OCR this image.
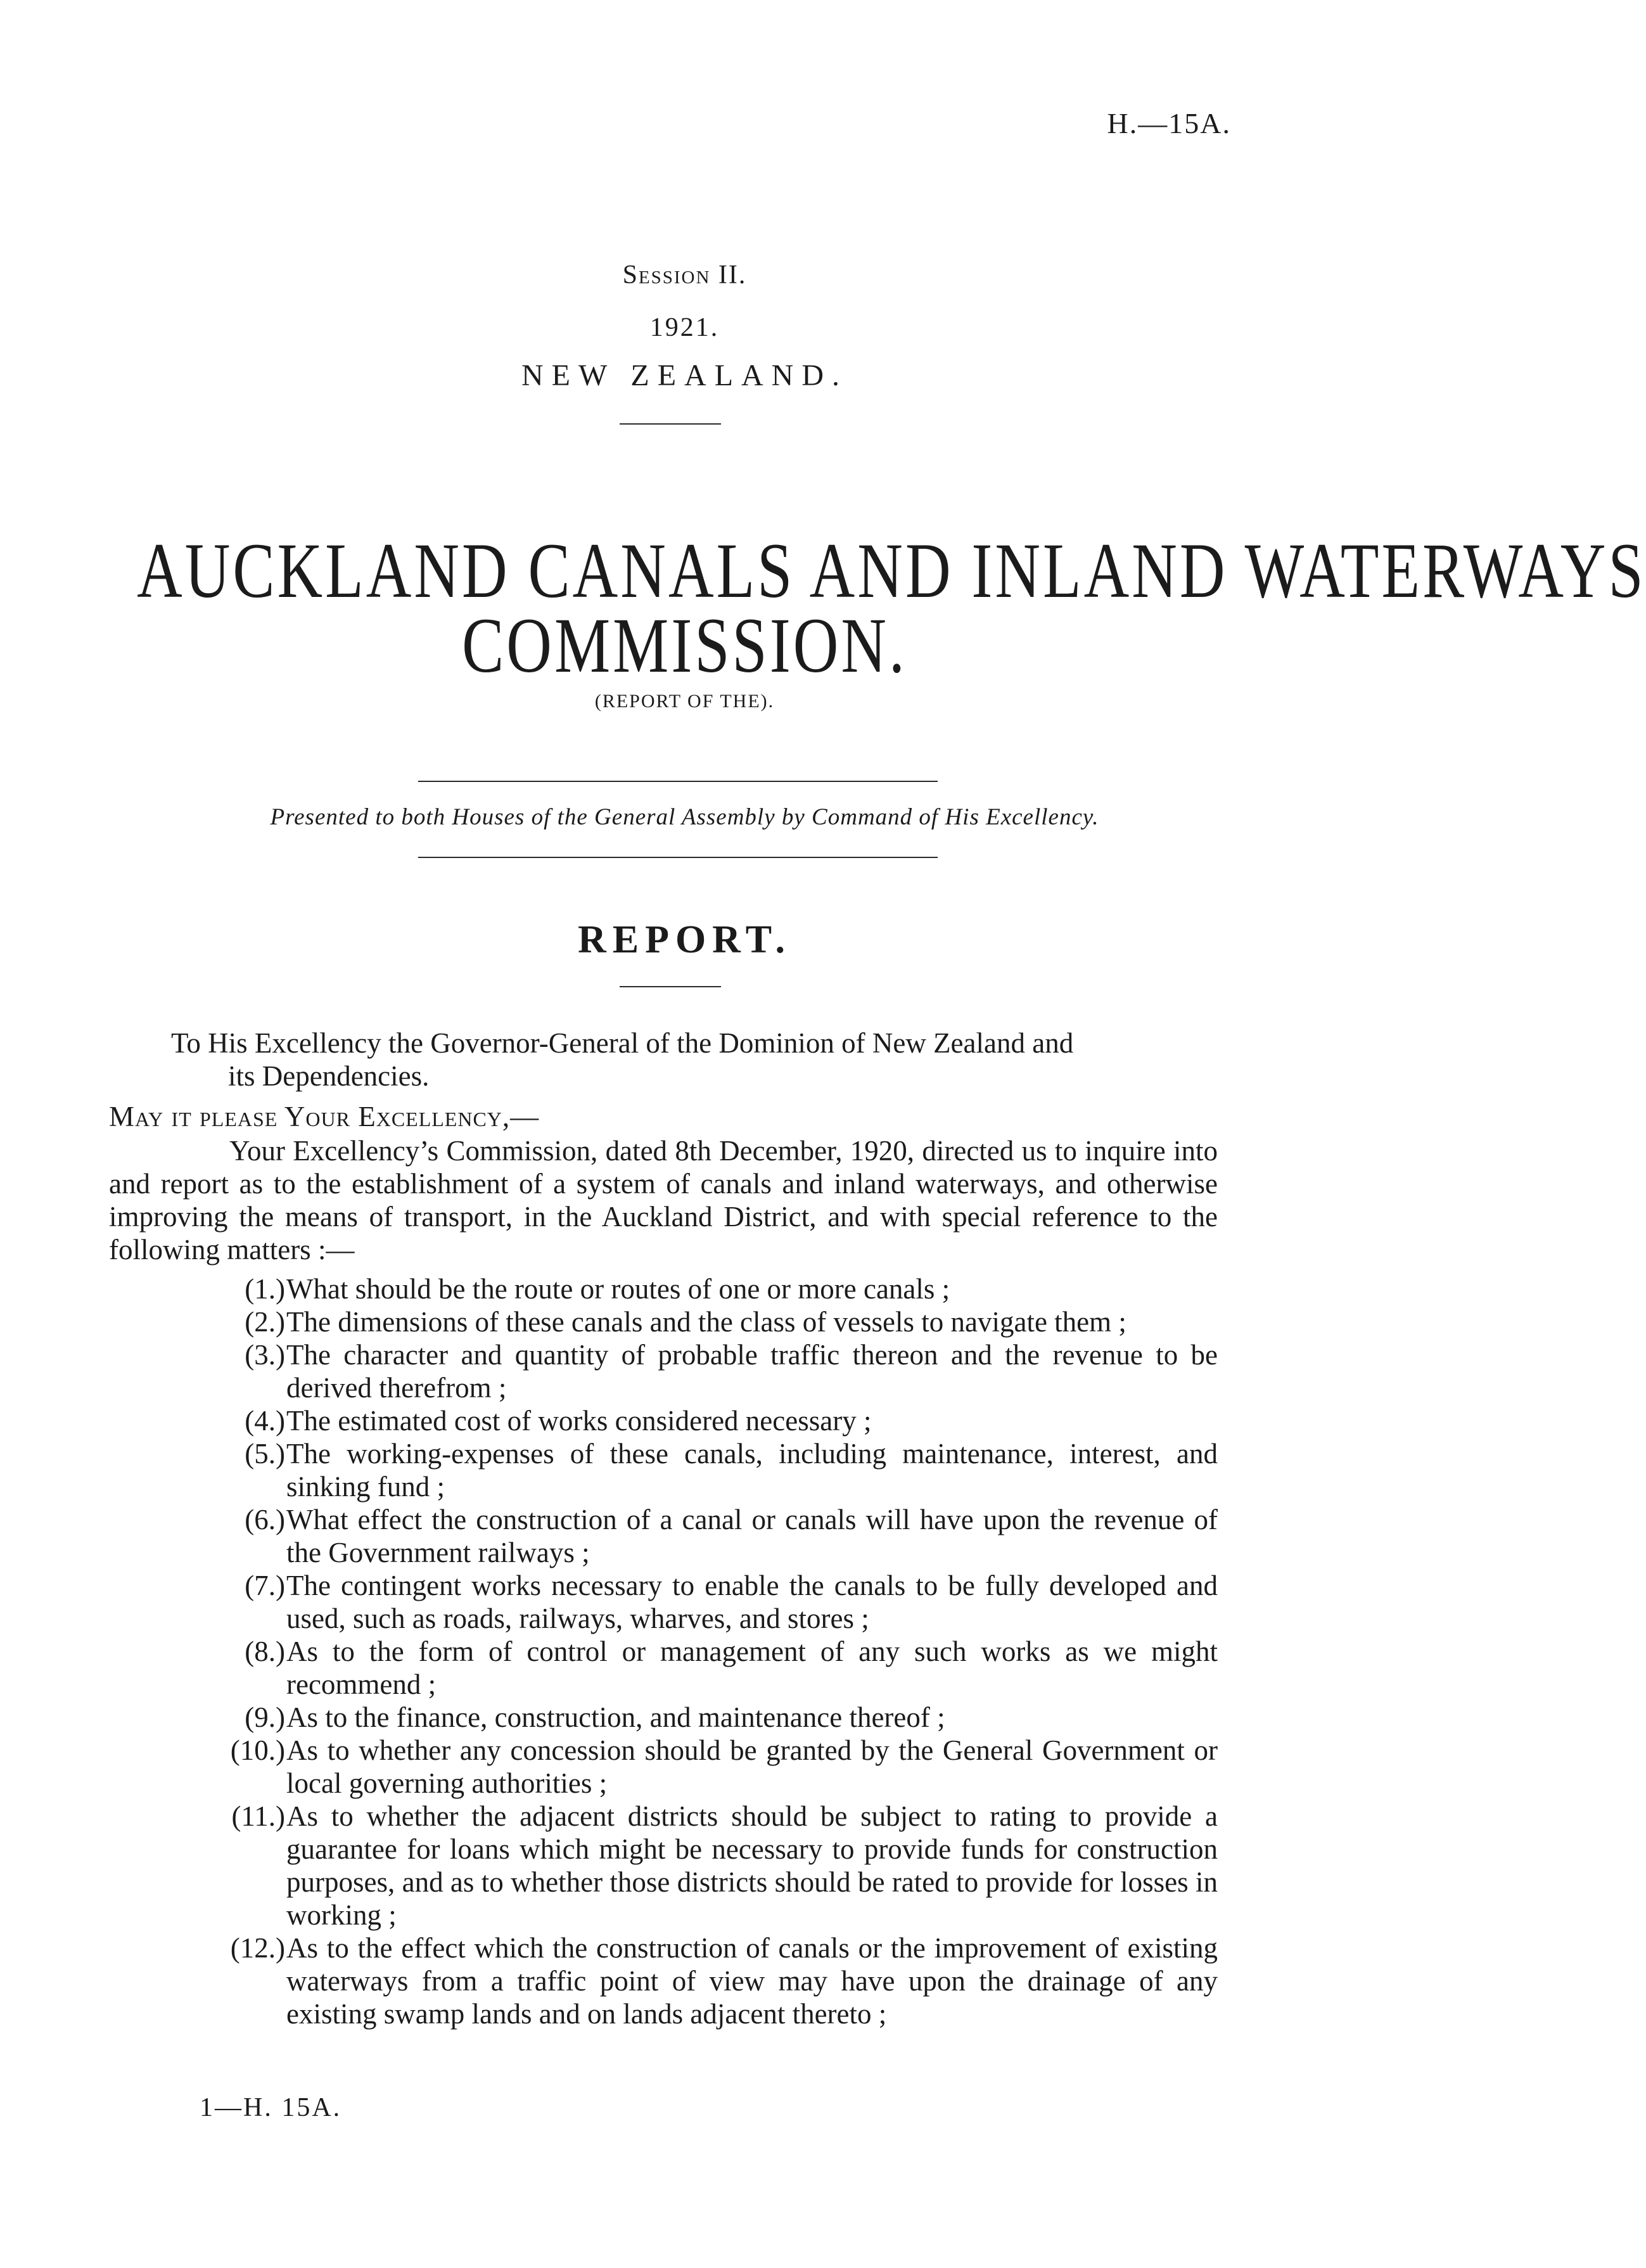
H.—15A.
Session II.
1921.
NEW ZEALAND.
AUCKLAND CANALS AND INLAND WATERWAYS
COMMISSION.
(REPORT OF THE).
Presented to both Houses of the General Assembly by Command of His Excellency.
REPORT.
To His Excellency the Governor-General of the Dominion of New Zealand and
its Dependencies.
May it please Your Excellency,—
Your Excellency’s Commission, dated 8th December, 1920, directed us to inquire into and report as to the establishment of a system of canals and inland waterways, and otherwise improving the means of transport, in the Auckland District, and with special reference to the following matters :—
(1.) What should be the route or routes of one or more canals ;
(2.) The dimensions of these canals and the class of vessels to navigate them ;
(3.) The character and quantity of probable traffic thereon and the revenue to be derived therefrom ;
(4.) The estimated cost of works considered necessary ;
(5.) The working-expenses of these canals, including maintenance, interest, and sinking fund ;
(6.) What effect the construction of a canal or canals will have upon the revenue of the Government railways ;
(7.) The contingent works necessary to enable the canals to be fully developed and used, such as roads, railways, wharves, and stores ;
(8.) As to the form of control or management of any such works as we might recommend ;
(9.) As to the finance, construction, and maintenance thereof ;
(10.) As to whether any concession should be granted by the General Government or local governing authorities ;
(11.) As to whether the adjacent districts should be subject to rating to provide a guarantee for loans which might be necessary to provide funds for construction purposes, and as to whether those districts should be rated to provide for losses in working ;
(12.) As to the effect which the construction of canals or the improvement of existing waterways from a traffic point of view may have upon the drainage of any existing swamp lands and on lands adjacent thereto ;
1—H. 15A.
